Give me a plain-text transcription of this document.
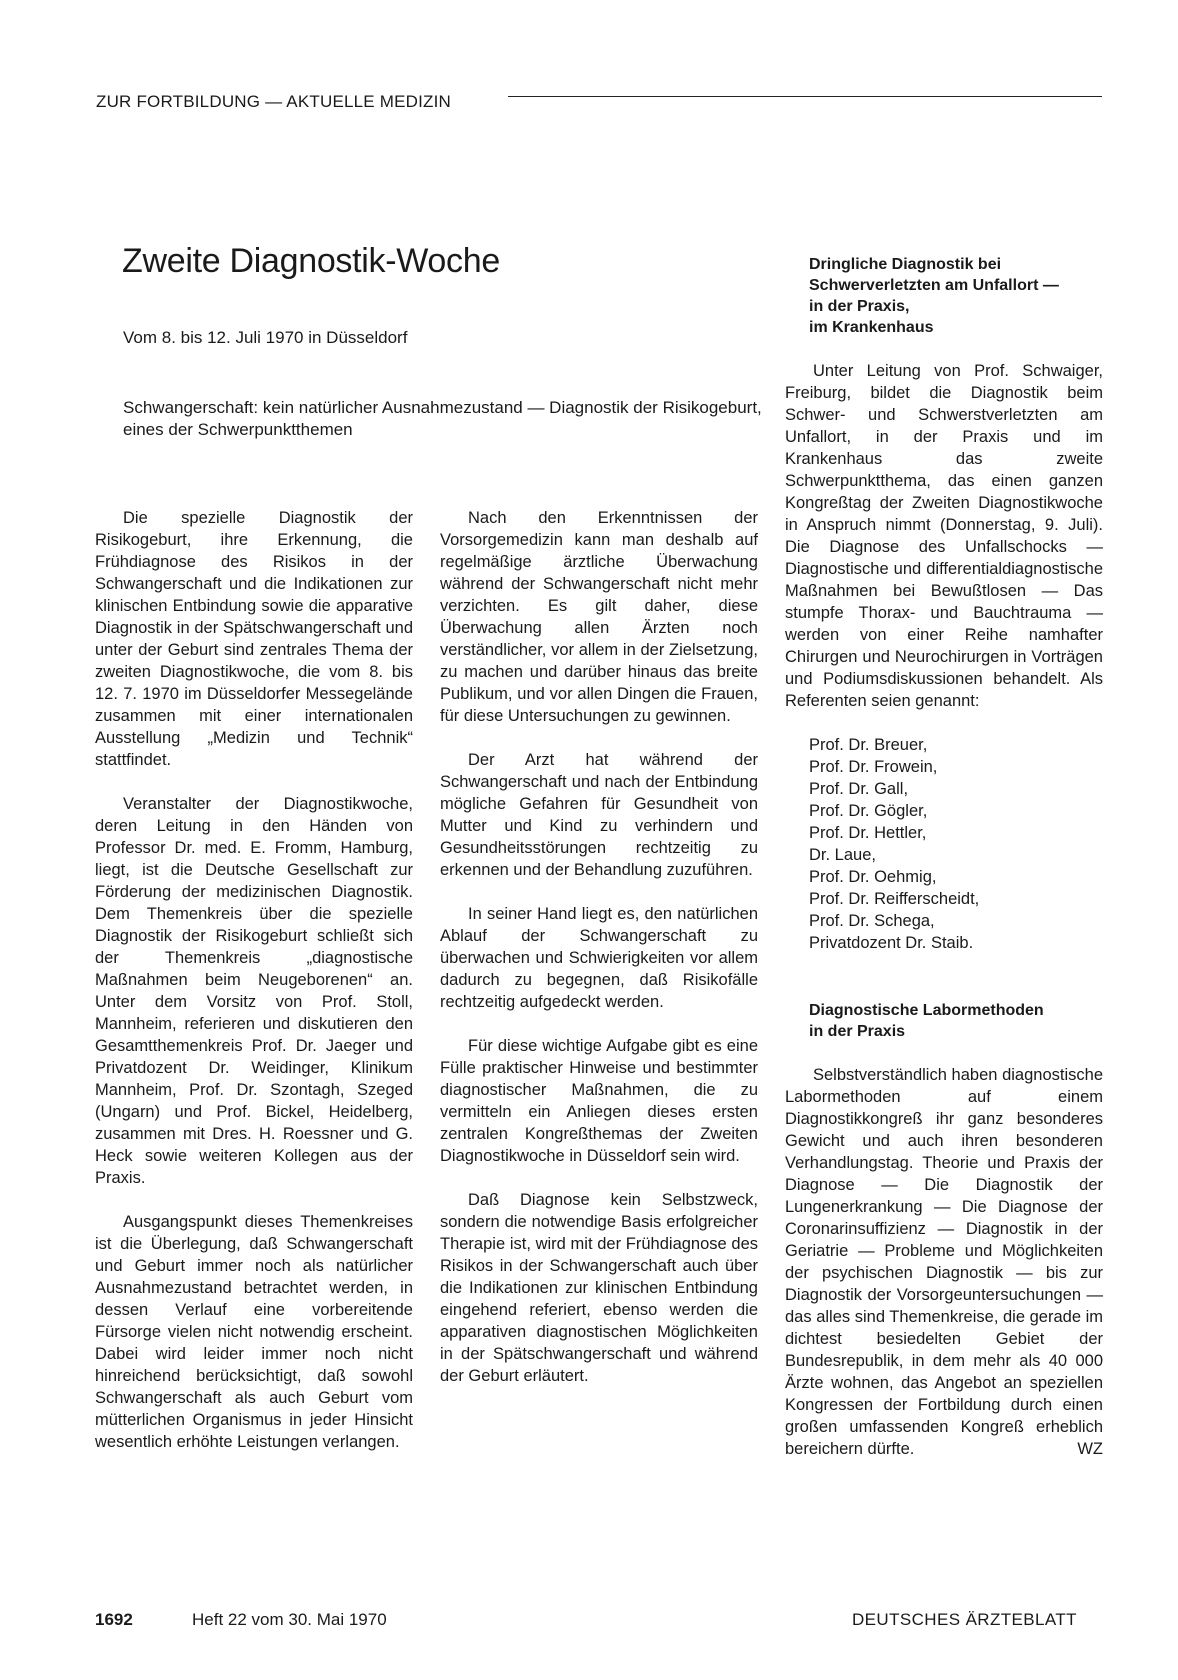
ZUR FORTBILDUNG — AKTUELLE MEDIZIN
Zweite Diagnostik-Woche
Vom 8. bis 12. Juli 1970 in Düsseldorf
Schwangerschaft: kein natürlicher Ausnahmezustand — Diagnostik der Risikogeburt, eines der Schwerpunktthemen

Die spezielle Diagnostik der Risikogeburt, ihre Erkennung, die Frühdiagnose des Risikos in der Schwangerschaft und die Indikationen zur klinischen Entbindung sowie die apparative Diagnostik in der Spätschwangerschaft und unter der Geburt sind zentrales Thema der zweiten Diagnostikwoche, die vom 8. bis 12. 7. 1970 im Düsseldorfer Messegelände zusammen mit einer internationalen Ausstellung „Medizin und Technik“ stattfindet.

Veranstalter der Diagnostikwoche, deren Leitung in den Händen von Professor Dr. med. E. Fromm, Hamburg, liegt, ist die Deutsche Gesellschaft zur Förderung der medizinischen Diagnostik. Dem Themenkreis über die spezielle Diagnostik der Risikogeburt schließt sich der Themenkreis „diagnostische Maßnahmen beim Neugeborenen“ an. Unter dem Vorsitz von Prof. Stoll, Mannheim, referieren und diskutieren den Gesamtthemenkreis Prof. Dr. Jaeger und Privatdozent Dr. Weidinger, Klinikum Mannheim, Prof. Dr. Szontagh, Szeged (Ungarn) und Prof. Bickel, Heidelberg, zusammen mit Dres. H. Roessner und G. Heck sowie weiteren Kollegen aus der Praxis.

Ausgangspunkt dieses Themenkreises ist die Überlegung, daß Schwangerschaft und Geburt immer noch als natürlicher Ausnahmezustand betrachtet werden, in dessen Verlauf eine vorbereitende Fürsorge vielen nicht notwendig erscheint. Dabei wird leider immer noch nicht hinreichend berücksichtigt, daß sowohl Schwangerschaft als auch Geburt vom mütterlichen Organismus in jeder Hinsicht wesentlich erhöhte Leistungen verlangen.

Nach den Erkenntnissen der Vorsorgemedizin kann man deshalb auf regelmäßige ärztliche Überwachung während der Schwangerschaft nicht mehr verzichten. Es gilt daher, diese Überwachung allen Ärzten noch verständlicher, vor allem in der Zielsetzung, zu machen und darüber hinaus das breite Publikum, und vor allen Dingen die Frauen, für diese Untersuchungen zu gewinnen.

Der Arzt hat während der Schwangerschaft und nach der Entbindung mögliche Gefahren für Gesundheit von Mutter und Kind zu verhindern und Gesundheitsstörungen rechtzeitig zu erkennen und der Behandlung zuzuführen.

In seiner Hand liegt es, den natürlichen Ablauf der Schwangerschaft zu überwachen und Schwierigkeiten vor allem dadurch zu begegnen, daß Risikofälle rechtzeitig aufgedeckt werden.

Für diese wichtige Aufgabe gibt es eine Fülle praktischer Hinweise und bestimmter diagnostischer Maßnahmen, die zu vermitteln ein Anliegen dieses ersten zentralen Kongreßthemas der Zweiten Diagnostikwoche in Düsseldorf sein wird.

Daß Diagnose kein Selbstzweck, sondern die notwendige Basis erfolgreicher Therapie ist, wird mit der Frühdiagnose des Risikos in der Schwangerschaft auch über die Indikationen zur klinischen Entbindung eingehend referiert, ebenso werden die apparativen diagnostischen Möglichkeiten in der Spätschwangerschaft und während der Geburt erläutert.

Dringliche Diagnostik bei
Schwerverletzten am Unfallort —
in der Praxis,
im Krankenhaus

Unter Leitung von Prof. Schwaiger, Freiburg, bildet die Diagnostik beim Schwer- und Schwerstverletzten am Unfallort, in der Praxis und im Krankenhaus das zweite Schwerpunktthema, das einen ganzen Kongreßtag der Zweiten Diagnostikwoche in Anspruch nimmt (Donnerstag, 9. Juli). Die Diagnose des Unfallschocks — Diagnostische und differentialdiagnostische Maßnahmen bei Bewußtlosen — Das stumpfe Thorax- und Bauchtrauma — werden von einer Reihe namhafter Chirurgen und Neurochirurgen in Vorträgen und Podiumsdiskussionen behandelt. Als Referenten seien genannt:

Prof. Dr. Breuer,
Prof. Dr. Frowein,
Prof. Dr. Gall,
Prof. Dr. Gögler,
Prof. Dr. Hettler,
Dr. Laue,
Prof. Dr. Oehmig,
Prof. Dr. Reifferscheidt,
Prof. Dr. Schega,
Privatdozent Dr. Staib.
Diagnostische Labormethoden
in der Praxis

Selbstverständlich haben diagnostische Labormethoden auf einem Diagnostikkongreß ihr ganz besonderes Gewicht und auch ihren besonderen Verhandlungstag. Theorie und Praxis der Diagnose — Die Diagnostik der Lungenerkrankung — Die Diagnose der Coronarinsuffizienz — Diagnostik in der Geriatrie — Probleme und Möglichkeiten der psychischen Diagnostik — bis zur Diagnostik der Vorsorgeuntersuchungen — das alles sind Themenkreise, die gerade im dichtest besiedelten Gebiet der Bundesrepublik, in dem mehr als 40 000 Ärzte wohnen, das Angebot an speziellen Kongressen der Fortbildung durch einen großen umfassenden Kongreß erheblich bereichern dürfte.	WZ

1692	Heft 22 vom 30. Mai 1970	DEUTSCHES ÄRZTEBLATT
